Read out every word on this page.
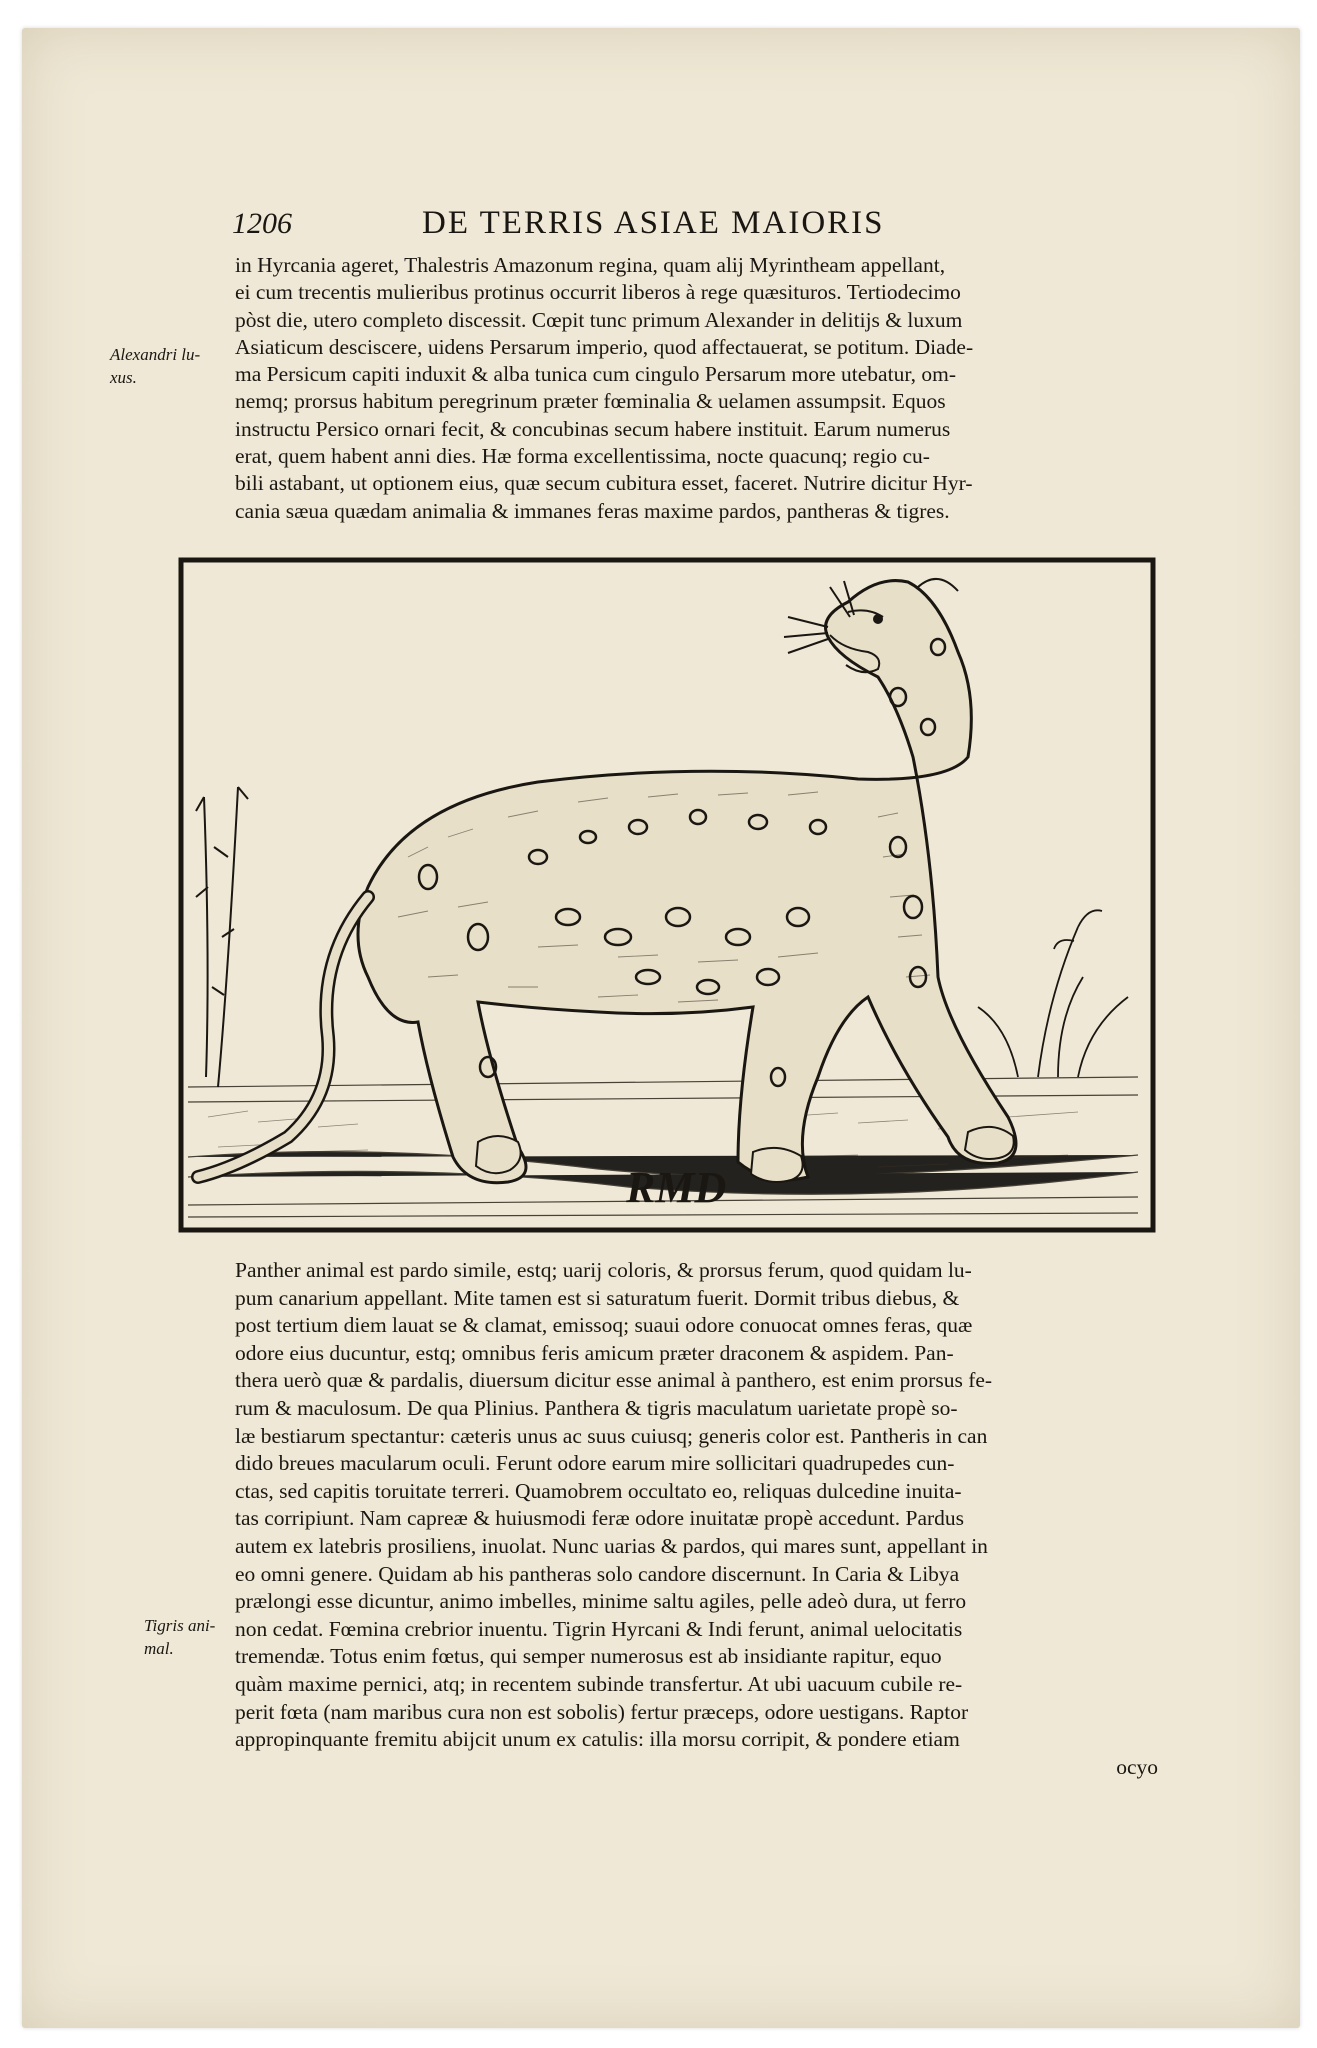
1206	DE TERRIS ASIAE MAIORIS
Alexandri lu-
xus.
in Hyrcania ageret, Thalestris Amazonum regina, quam alij Myrintheam appellant,
ei cum trecentis mulieribus protinus occurrit liberos à rege quæsituros. Tertiodecimo
pòst die, utero completo discessit. Cœpit tunc primum Alexander in delitijs & luxum
Asiaticum desciscere, uidens Persarum imperio, quod affectauerat, se potitum. Diade-
ma Persicum capiti induxit & alba tunica cum cingulo Persarum more utebatur, om-
nemq; prorsus habitum peregrinum præter fœminalia & uelamen assumpsit. Equos
instructu Persico ornari fecit, & concubinas secum habere instituit. Earum numerus
erat, quem habent anni dies. Hæ forma excellentissima, nocte quacunq; regio cu-
bili astabant, ut optionem eius, quæ secum cubitura esset, faceret. Nutrire dicitur Hyr-
cania sæua quædam animalia & immanes feras maxime pardos, pantheras & tigres.
RMD
Tigris ani-
mal.
Panther animal est pardo simile, estq; uarij coloris, & prorsus ferum, quod quidam lu-
pum canarium appellant. Mite tamen est si saturatum fuerit. Dormit tribus diebus, &
post tertium diem lauat se & clamat, emissoq; suaui odore conuocat omnes feras, quæ
odore eius ducuntur, estq; omnibus feris amicum præter draconem & aspidem. Pan-
thera uerò quæ & pardalis, diuersum dicitur esse animal à panthero, est enim prorsus fe-
rum & maculosum. De qua Plinius. Panthera & tigris maculatum uarietate propè so-
læ bestiarum spectantur: cæteris unus ac suus cuiusq; generis color est. Pantheris in can
dido breues macularum oculi. Ferunt odore earum mire sollicitari quadrupedes cun-
ctas, sed capitis toruitate terreri. Quamobrem occultato eo, reliquas dulcedine inuita-
tas corripiunt. Nam capreæ & huiusmodi feræ odore inuitatæ propè accedunt. Pardus
autem ex latebris prosiliens, inuolat. Nunc uarias & pardos, qui mares sunt, appellant in
eo omni genere. Quidam ab his pantheras solo candore discernunt. In Caria & Libya
prælongi esse dicuntur, animo imbelles, minime saltu agiles, pelle adeò dura, ut ferro
non cedat. Fœmina crebrior inuentu. Tigrin Hyrcani & Indi ferunt, animal uelocitatis
tremendæ. Totus enim fœtus, qui semper numerosus est ab insidiante rapitur, equo
quàm maxime pernici, atq; in recentem subinde transfertur. At ubi uacuum cubile re-
perit fœta (nam maribus cura non est sobolis) fertur præceps, odore uestigans. Raptor
appropinquante fremitu abijcit unum ex catulis: illa morsu corripit, & pondere etiam
ocyo
